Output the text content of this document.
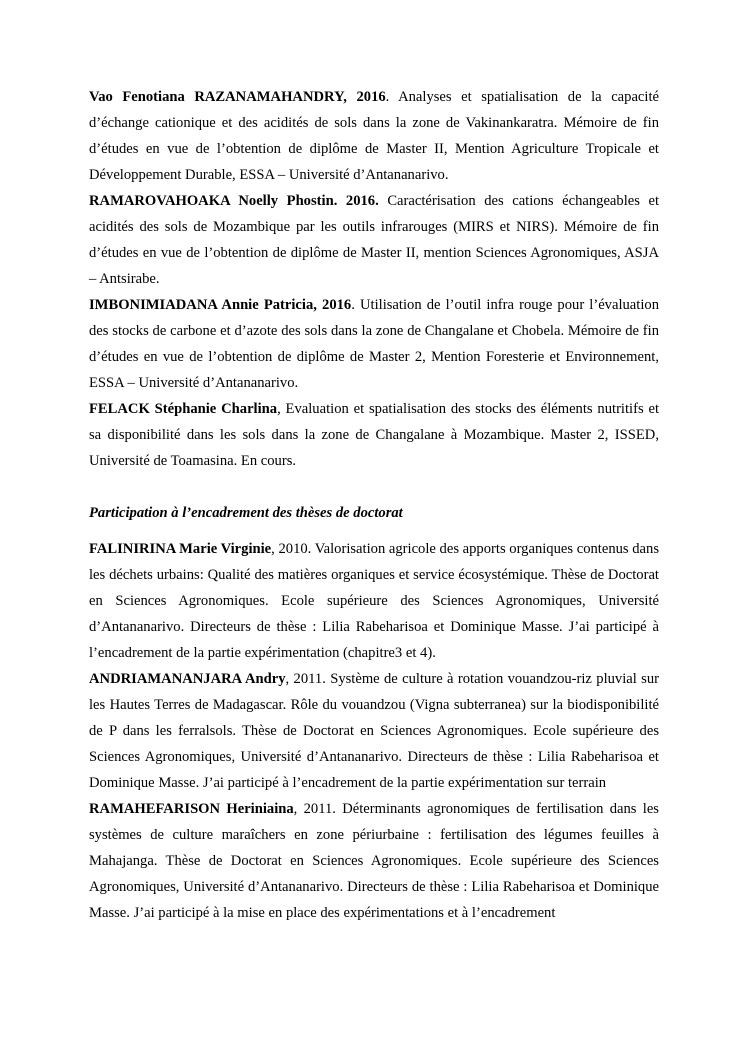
Vao Fenotiana RAZANAMAHANDRY, 2016. Analyses et spatialisation de la capacité d’échange cationique et des acidités de sols dans la zone de Vakinankaratra. Mémoire de fin d’études en vue de l’obtention de diplôme de Master II, Mention Agriculture Tropicale et Développement Durable, ESSA – Université d’Antananarivo.

RAMAROVAHOAKA Noelly Phostin. 2016. Caractérisation des cations échangeables et acidités des sols de Mozambique par les outils infrarouges (MIRS et NIRS). Mémoire de fin d’études en vue de l’obtention de diplôme de Master II, mention Sciences Agronomiques, ASJA – Antsirabe.

IMBONIMIADANA Annie Patricia, 2016. Utilisation de l’outil infra rouge pour l’évaluation des stocks de carbone et d’azote des sols dans la zone de Changalane et Chobela. Mémoire de fin d’études en vue de l’obtention de diplôme de Master 2, Mention Foresterie et Environnement, ESSA – Université d’Antananarivo.

FELACK Stéphanie Charlina, Evaluation et spatialisation des stocks des éléments nutritifs et sa disponibilité dans les sols dans la zone de Changalane à Mozambique. Master 2, ISSED, Université de Toamasina. En cours.

Participation à l’encadrement des thèses de doctorat

FALINIRINA Marie Virginie, 2010. Valorisation agricole des apports organiques contenus dans les déchets urbains: Qualité des matières organiques et service écosystémique. Thèse de Doctorat en Sciences Agronomiques. Ecole supérieure des Sciences Agronomiques, Université d’Antananarivo. Directeurs de thèse : Lilia Rabeharisoa et Dominique Masse. J’ai participé à l’encadrement de la partie expérimentation (chapitre3 et 4).

ANDRIAMANANJARA Andry, 2011. Système de culture à rotation vouandzou-riz pluvial sur les Hautes Terres de Madagascar. Rôle du vouandzou (Vigna subterranea) sur la biodisponibilité de P dans les ferralsols. Thèse de Doctorat en Sciences Agronomiques. Ecole supérieure des Sciences Agronomiques, Université d’Antananarivo. Directeurs de thèse : Lilia Rabeharisoa et Dominique Masse. J’ai participé à l’encadrement de la partie expérimentation sur terrain

RAMAHEFARISON Heriniaina, 2011. Déterminants agronomiques de fertilisation dans les systèmes de culture maraîchers en zone périurbaine : fertilisation des légumes feuilles à Mahajanga. Thèse de Doctorat en Sciences Agronomiques. Ecole supérieure des Sciences Agronomiques, Université d’Antananarivo. Directeurs de thèse : Lilia Rabeharisoa et Dominique Masse. J’ai participé à la mise en place des expérimentations et à l’encadrement
